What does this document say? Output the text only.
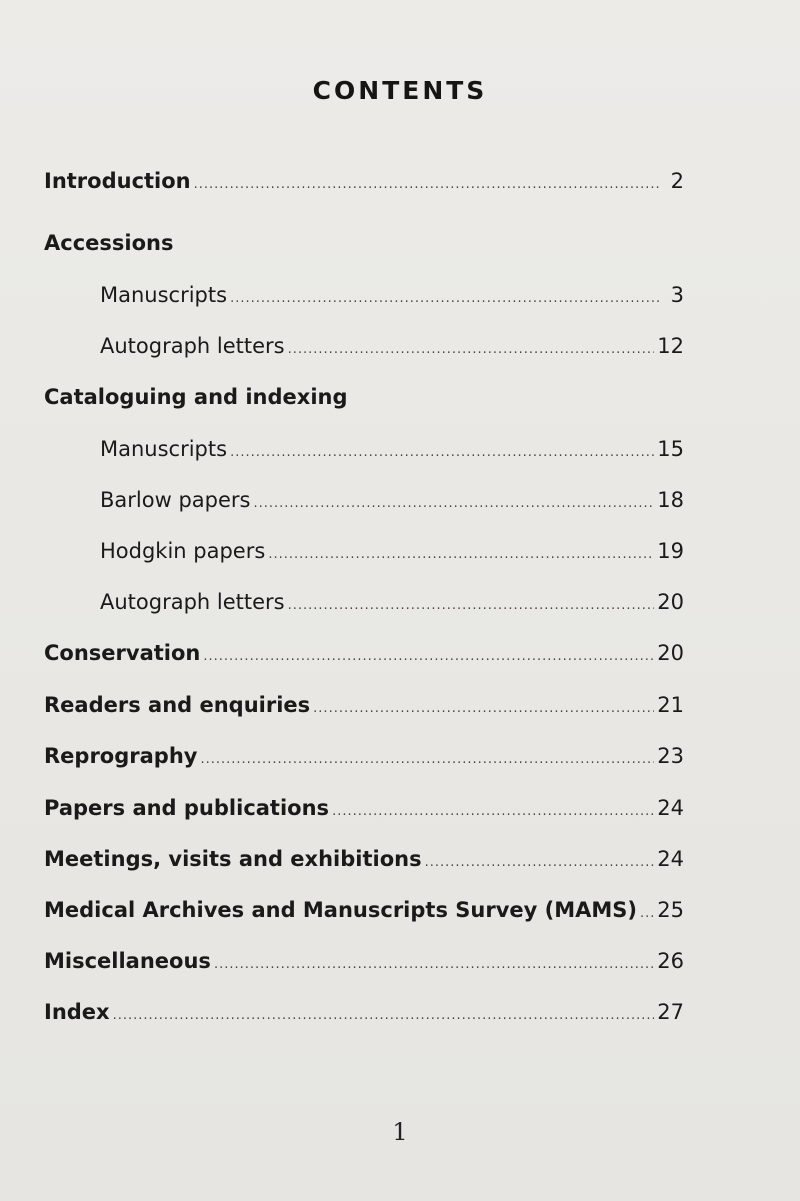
CONTENTS
Introduction .....	2
Accessions
Manuscripts .....	3
Autograph letters .....	12
Cataloguing and indexing
Manuscripts .....	15
Barlow papers .....	18
Hodgkin papers .....	19
Autograph letters .....	20
Conservation .....	20
Readers and enquiries .....	21
Reprography .....	23
Papers and publications .....	24
Meetings, visits and exhibitions .....	24
Medical Archives and Manuscripts Survey (MAMS) ..... 25
Miscellaneous .....	26
Index .....	27
1
